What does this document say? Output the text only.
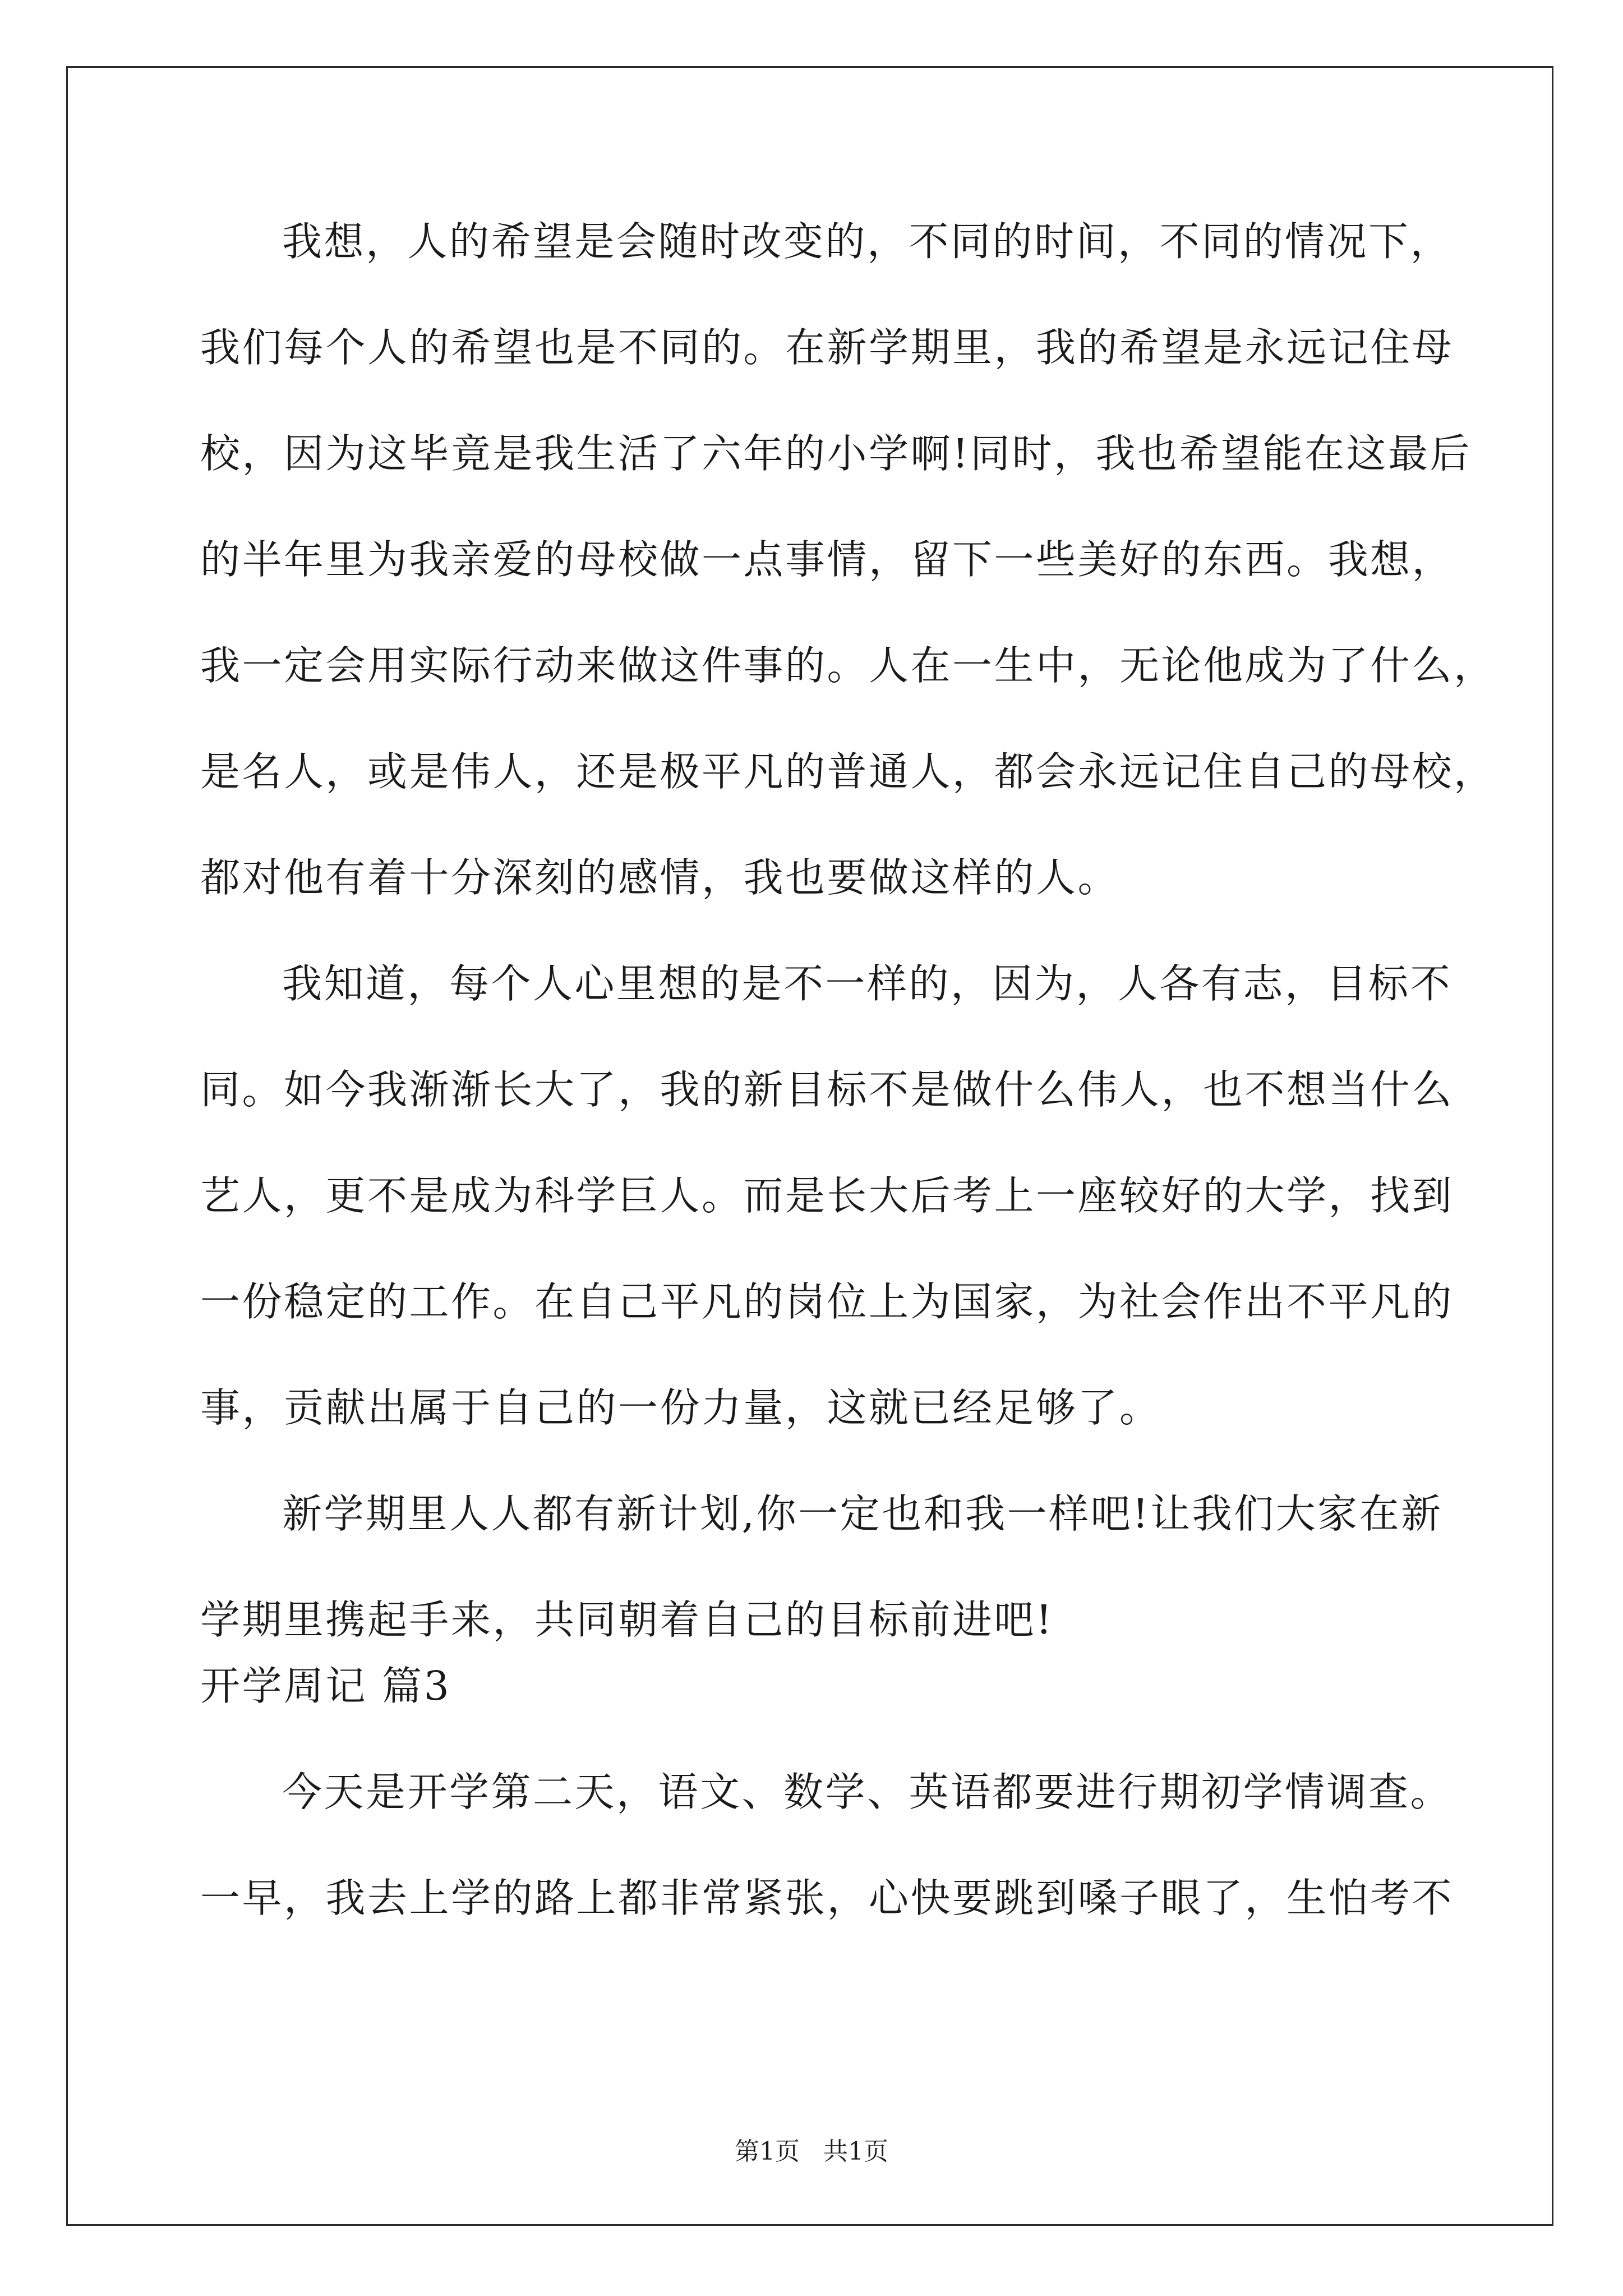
我想，人的希望是会随时改变的，不同的时间，不同的情况下，
我们每个人的希望也是不同的。在新学期里，我的希望是永远记住母
校，因为这毕竟是我生活了六年的小学啊!同时，我也希望能在这最后
的半年里为我亲爱的母校做一点事情，留下一些美好的东西。我想，
我一定会用实际行动来做这件事的。人在一生中，无论他成为了什么，
是名人，或是伟人，还是极平凡的普通人，都会永远记住自己的母校，
都对他有着十分深刻的感情，我也要做这样的人。
我知道，每个人心里想的是不一样的，因为，人各有志，目标不
同。如今我渐渐长大了，我的新目标不是做什么伟人，也不想当什么
艺人，更不是成为科学巨人。而是长大后考上一座较好的大学，找到
一份稳定的工作。在自己平凡的岗位上为国家，为社会作出不平凡的
事，贡献出属于自己的一份力量，这就已经足够了。
新学期里人人都有新计划,你一定也和我一样吧!让我们大家在新
学期里携起手来，共同朝着自己的目标前进吧!
开学周记 篇3
今天是开学第二天，语文、数学、英语都要进行期初学情调查。
一早，我去上学的路上都非常紧张，心快要跳到嗓子眼了，生怕考不
第1页   共1页
